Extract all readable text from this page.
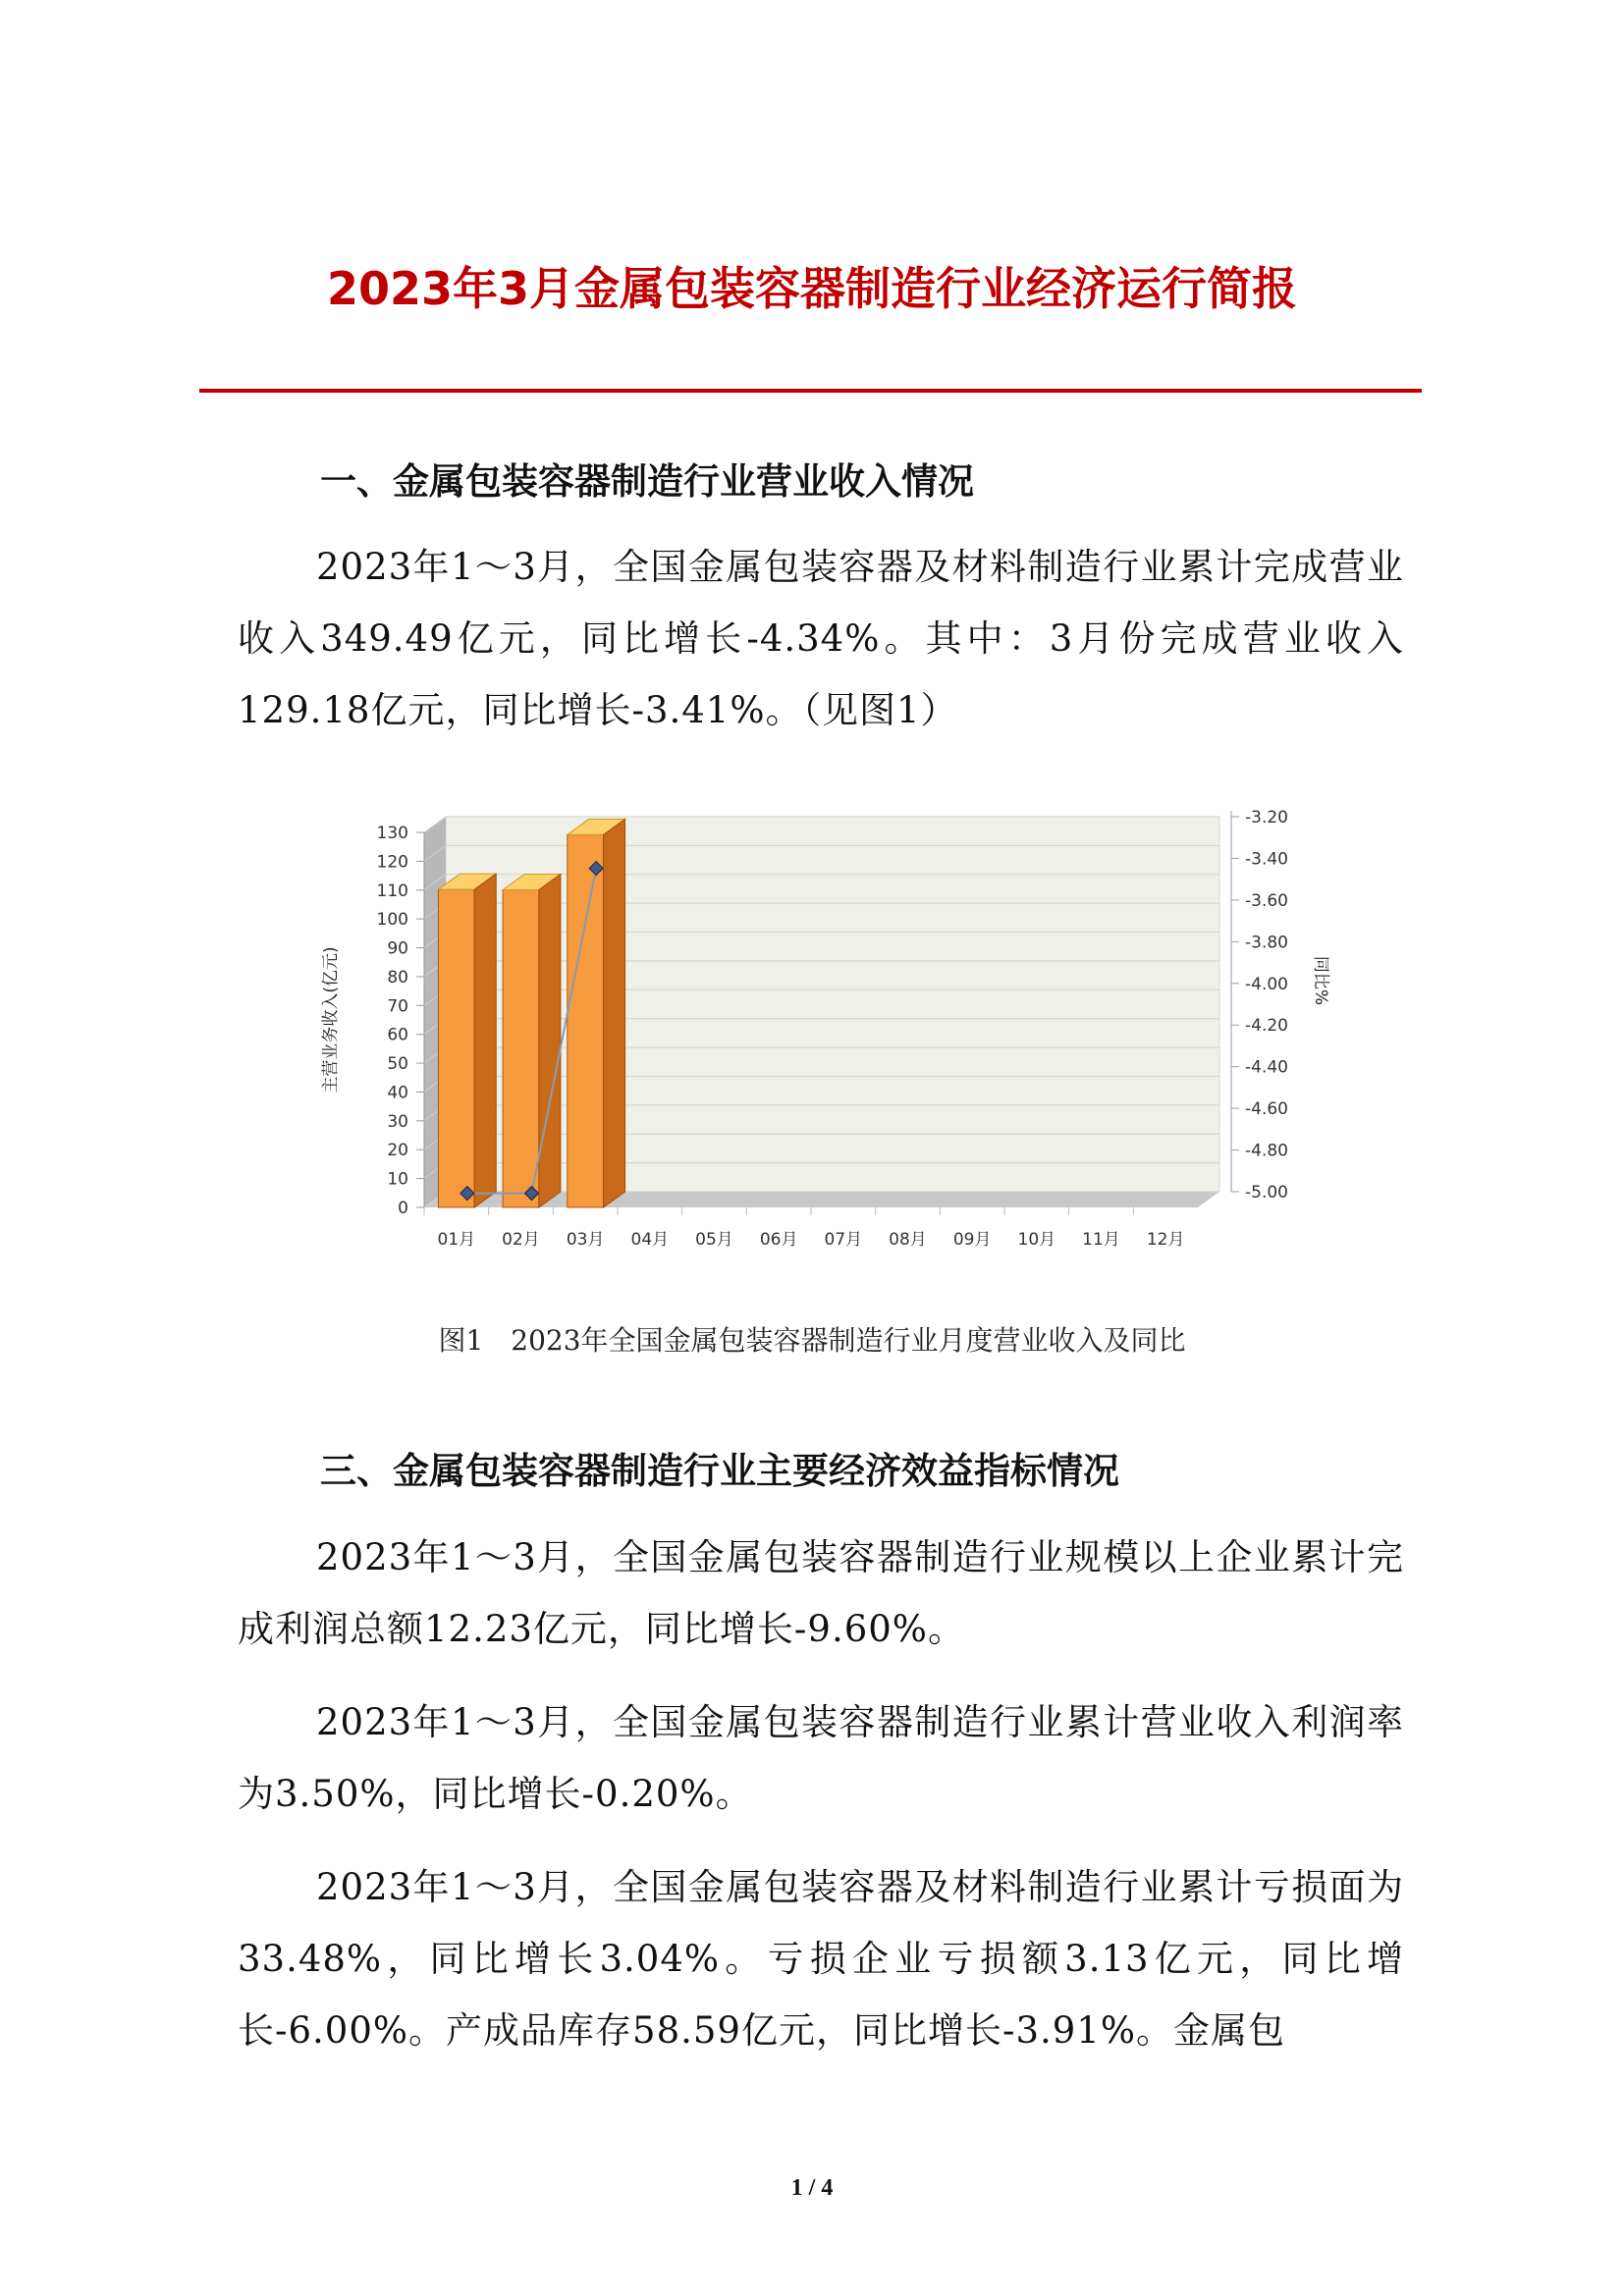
2023年3月金属包装容器制造行业经济运行简报
一、金属包装容器制造行业营业收入情况
2023年1～3月，全国金属包装容器及材料制造行业累计完成营业收入349.49亿元，同比增长-4.34%。其中：3月份完成营业收入129.18亿元，同比增长-3.41%。（见图1）
0
10
20
30
40
50
60
70
80
90
100
110
120
130
-3.20
-3.40
-3.60
-3.80
-4.00
-4.20
-4.40
-4.60
-4.80
-5.00
主营业务收入(亿元)	同比%
01月 02月 03月 04月 05月 06月 07月 08月 09月 10月 11月 12月
图1　2023年全国金属包装容器制造行业月度营业收入及同比
三、金属包装容器制造行业主要经济效益指标情况
2023年1～3月，全国金属包装容器制造行业规模以上企业累计完成利润总额12.23亿元，同比增长-9.60%。
2023年1～3月，全国金属包装容器制造行业累计营业收入利润率为3.50%，同比增长-0.20%。
2023年1～3月，全国金属包装容器及材料制造行业累计亏损面为33.48%，同比增长3.04%。亏损企业亏损额3.13亿元，同比增长-6.00%。产成品库存58.59亿元，同比增长-3.91%。金属包
1 / 4
